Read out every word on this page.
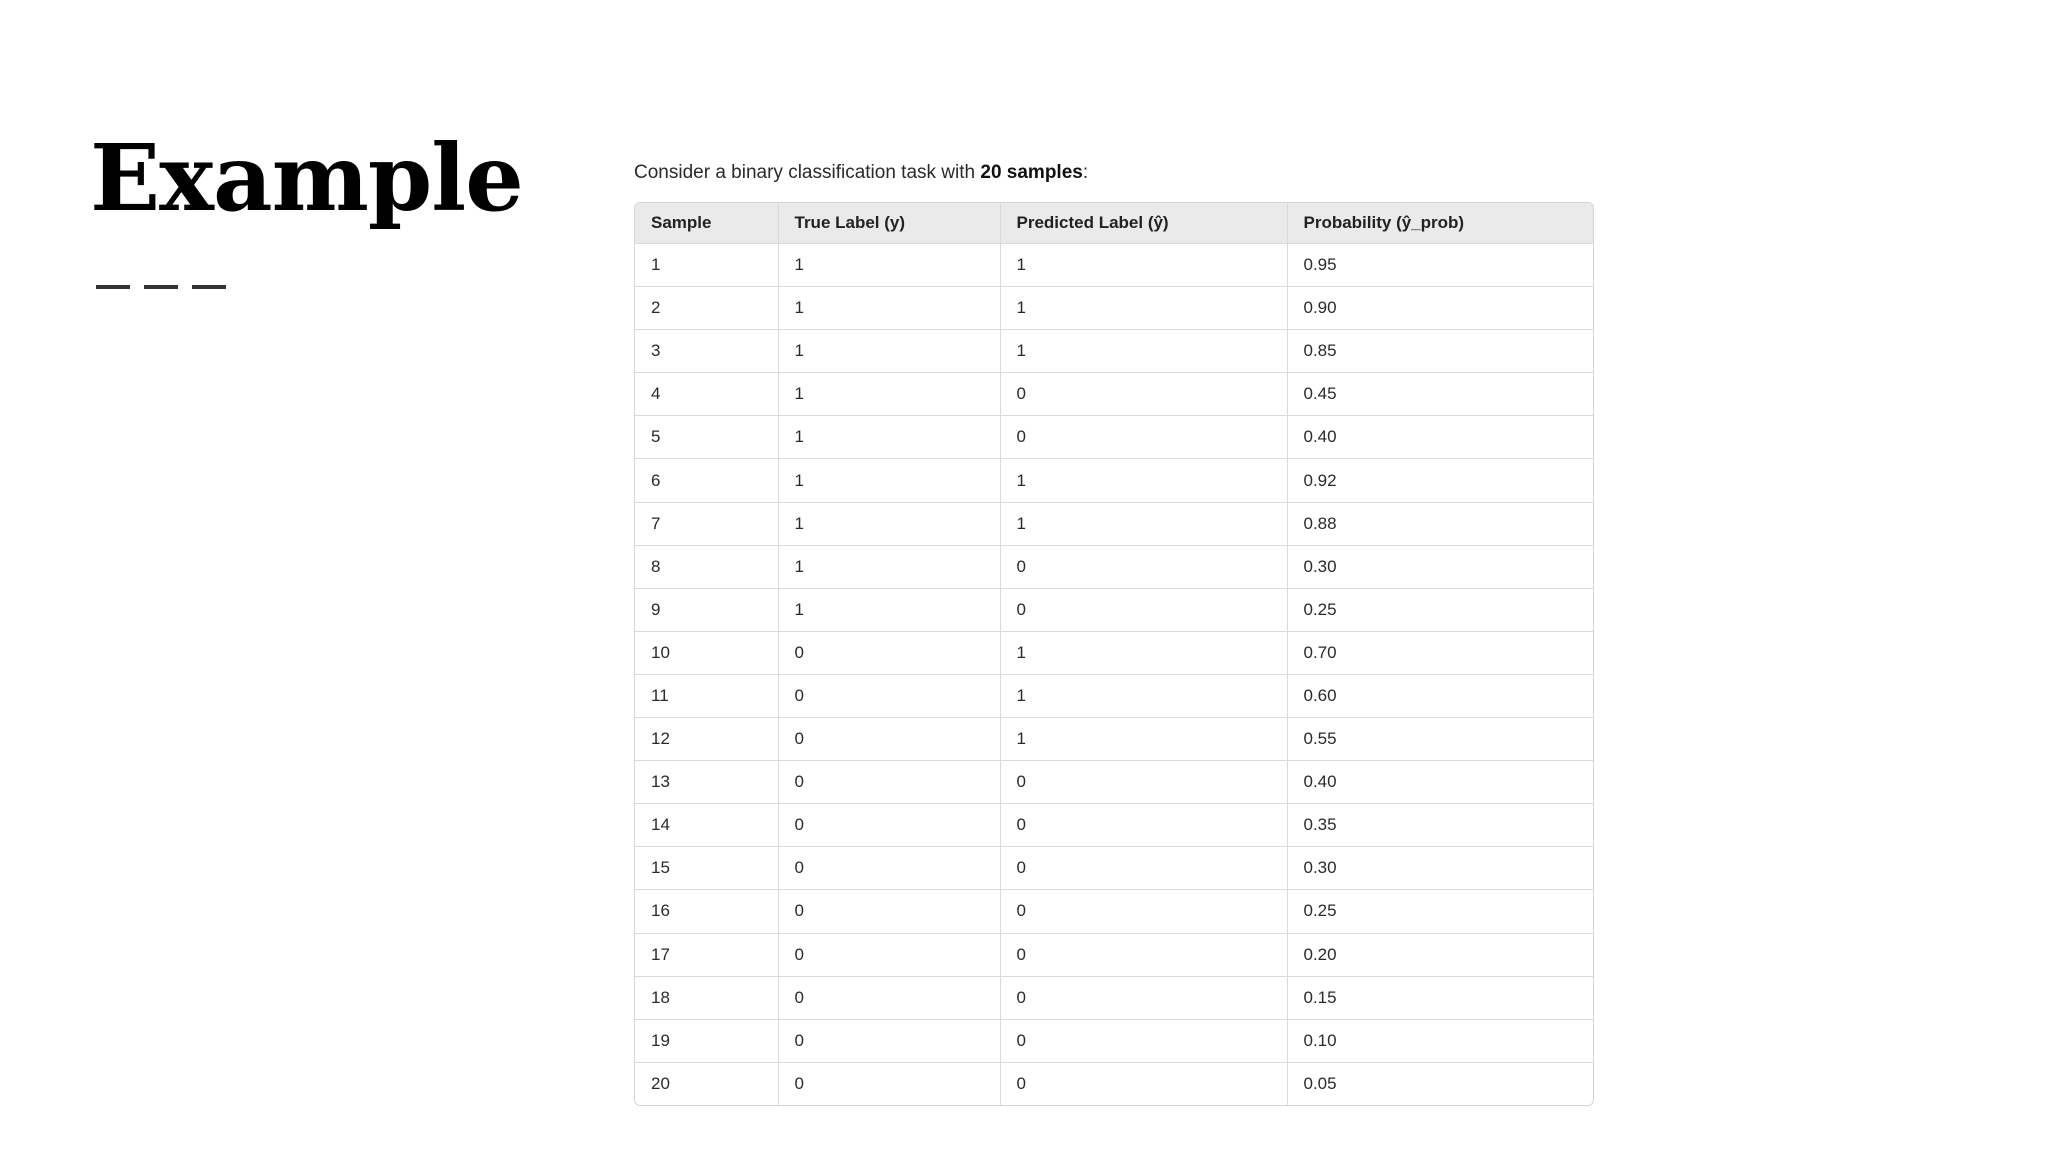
Example	Consider a binary classification task with 20 samples:

Sample	True Label (y)	Predicted Label (ŷ)	Probability (ŷ_prob)
1	1	1	0.95
2	1	1	0.90
3	1	1	0.85
4	1	0	0.45
5	1	0	0.40
6	1	1	0.92
7	1	1	0.88
8	1	0	0.30
9	1	0	0.25
10	0	1	0.70
11	0	1	0.60
12	0	1	0.55
13	0	0	0.40
14	0	0	0.35
15	0	0	0.30
16	0	0	0.25
17	0	0	0.20
18	0	0	0.15
19	0	0	0.10
20	0	0	0.05
